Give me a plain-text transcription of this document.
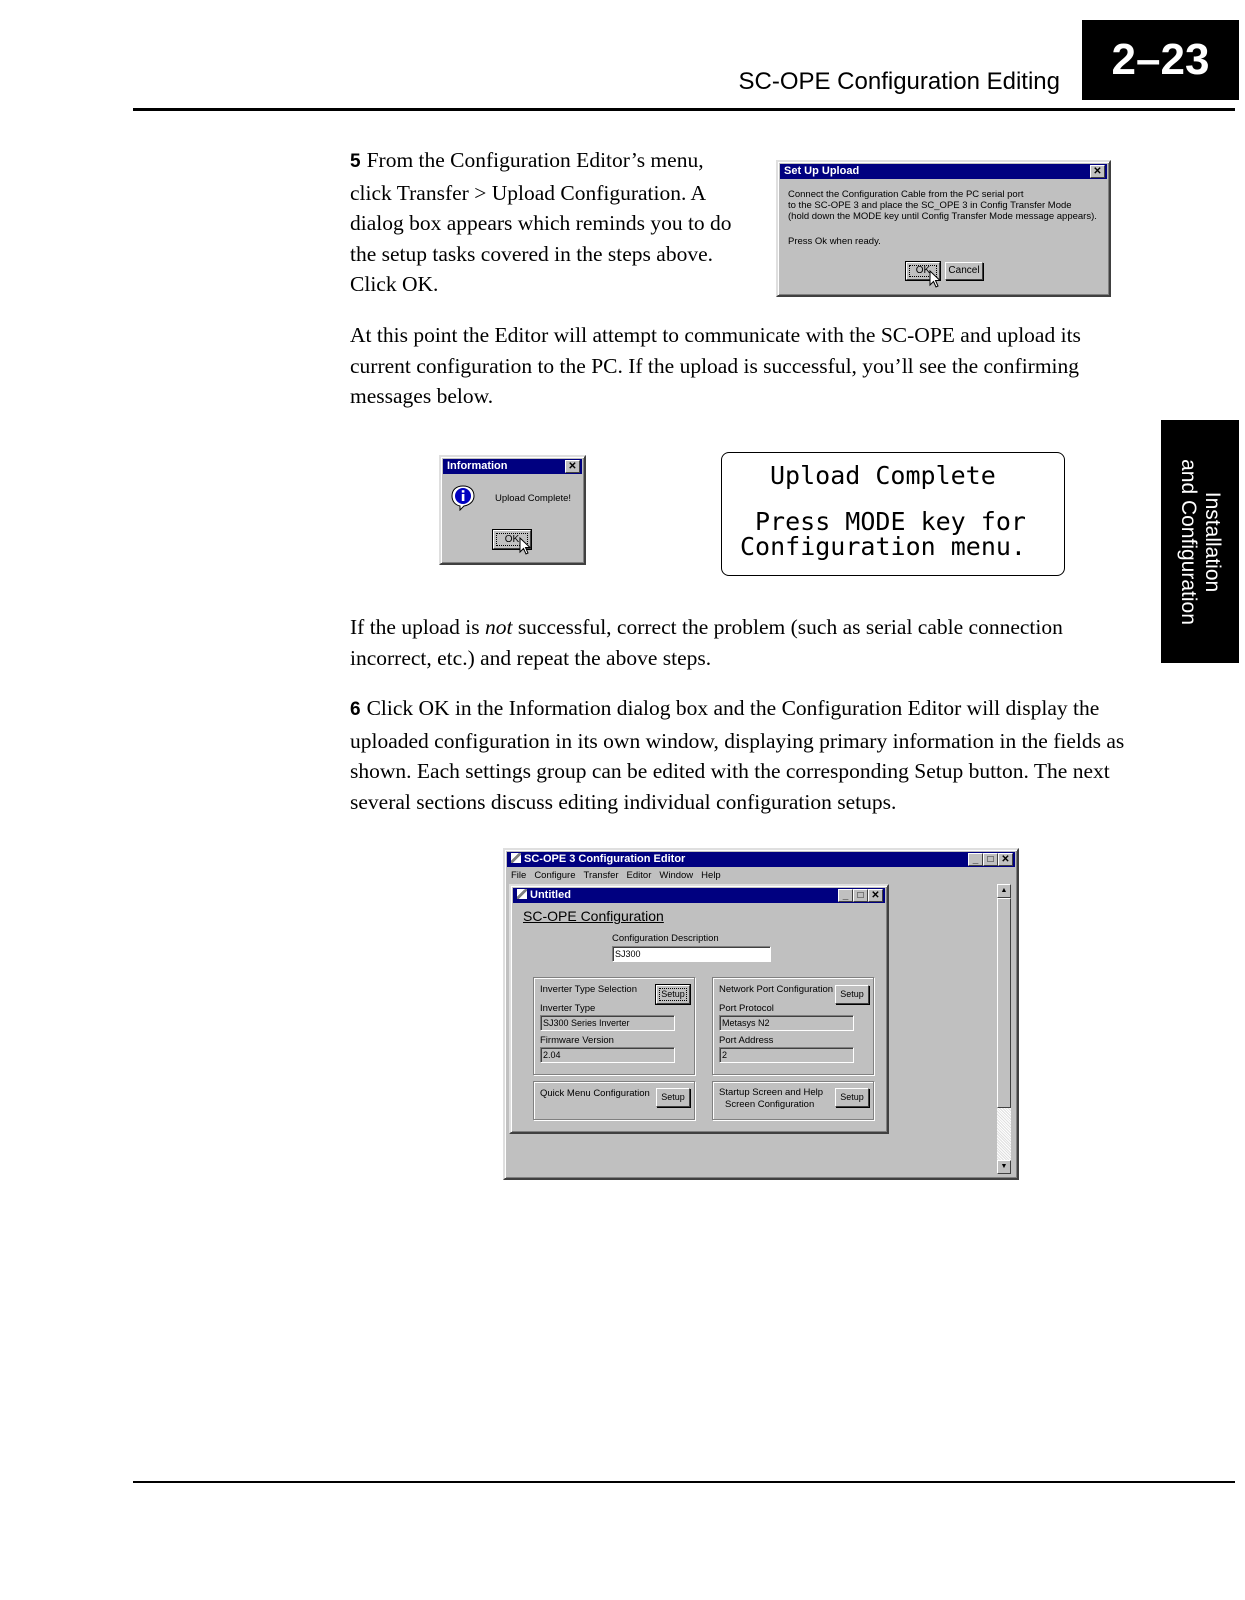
SC-OPE Configuration Editing	2–23
Installation
and Configuration
5 From the Configuration Editor’s menu, click Transfer > Upload Configuration. A dialog box appears which reminds you to do the setup tasks covered in the steps above. Click OK.
Set Up Upload	✕
Connect the Configuration Cable from the PC serial port
to the SC-OPE 3 and place the SC_OPE 3 in Config Transfer Mode
(hold down the MODE key until Config Transfer Mode message appears).
Press Ok when ready.
OK	Cancel
At this point the Editor will attempt to communicate with the SC-OPE and upload its current configuration to the PC. If the upload is successful, you’ll see the confirming messages below.
Information	✕
Upload Complete!
OK
Upload Complete
Press MODE key for
Configuration menu.
If the upload is not successful, correct the problem (such as serial cable connection incorrect, etc.) and repeat the above steps.
6 Click OK in the Information dialog box and the Configuration Editor will display the uploaded configuration in its own window, displaying primary information in the fields as shown. Each settings group can be edited with the corresponding Setup button. The next several sections discuss editing individual configuration setups.
SC-OPE 3 Configuration Editor	_ □ ✕
File Configure Transfer Editor Window Help
▲
▼
Untitled	_ □ ✕
SC-OPE Configuration
Configuration Description
SJ300
Inverter Type Selection	Setup
Inverter Type
SJ300 Series Inverter
Firmware Version
2.04
Network Port Configuration Setup
Port Protocol
Metasys N2
Port Address
2
Quick Menu Configuration	Setup	Startup Screen and Help
Screen Configuration
Setup
